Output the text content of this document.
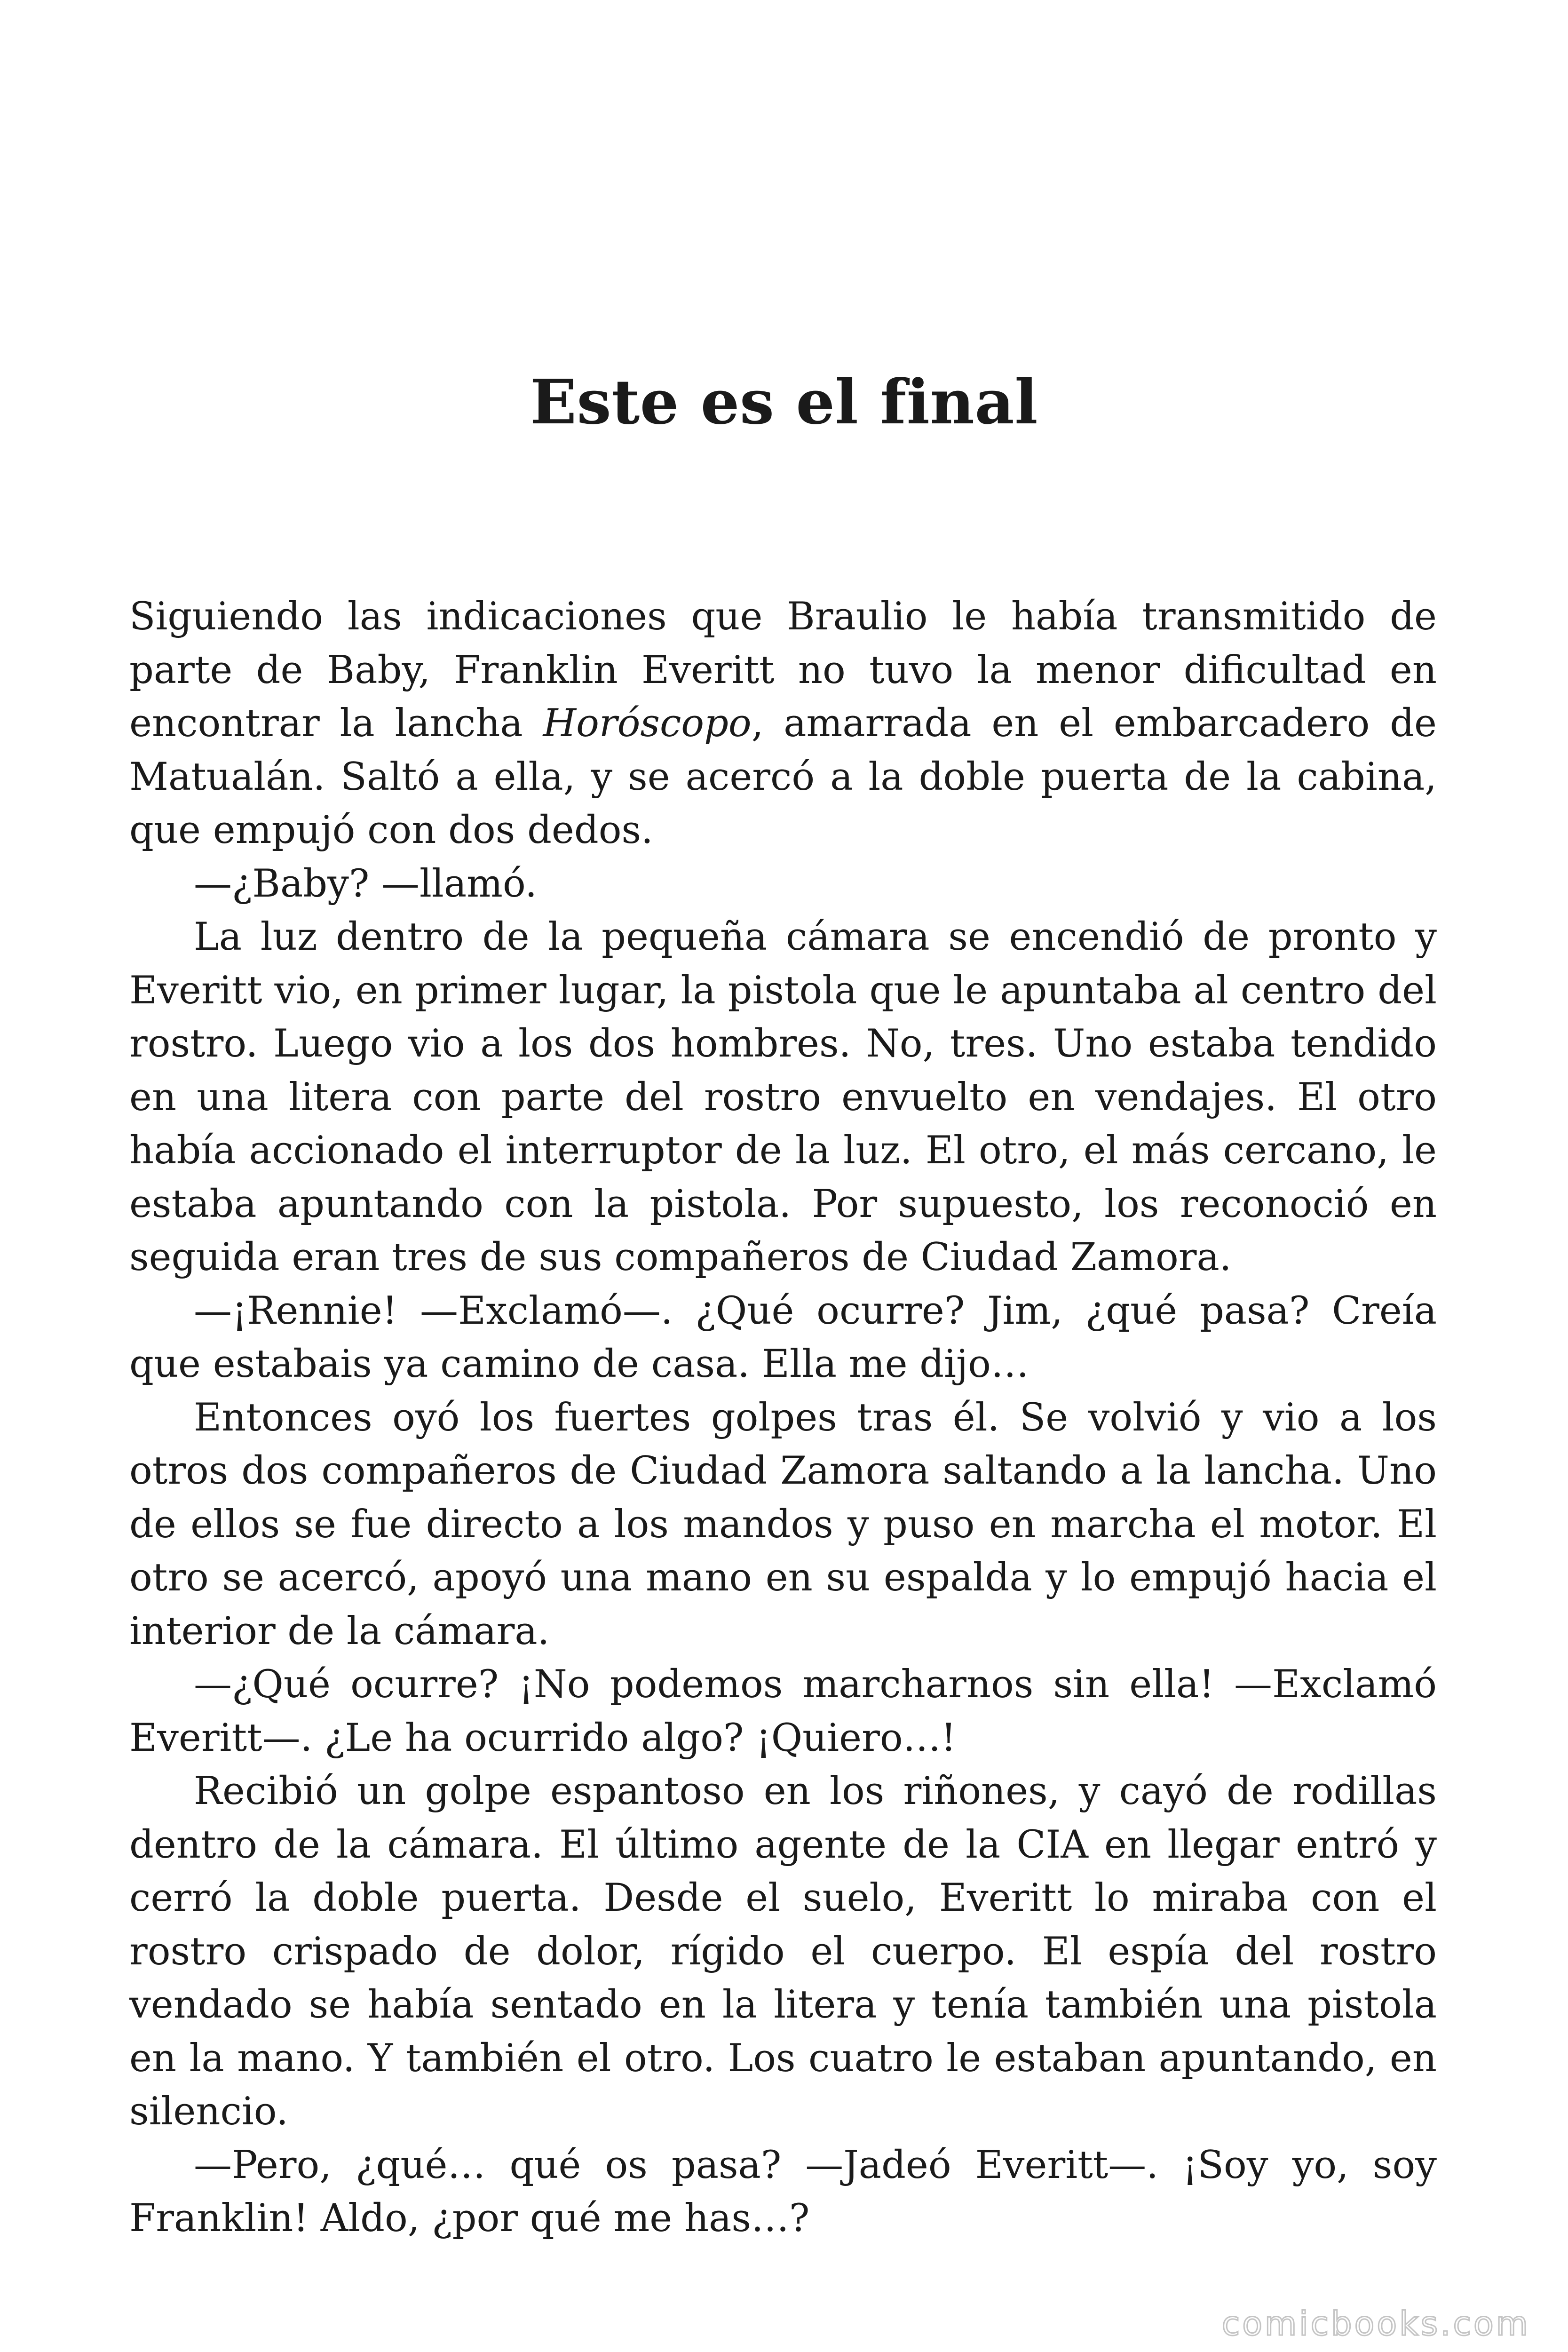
Este es el final

Siguiendo las indicaciones que Braulio le había transmitido de parte de Baby, Franklin Everitt no tuvo la menor dificultad en encontrar la lancha Horóscopo, amarrada en el embarcadero de Matualán. Saltó a ella, y se acercó a la doble puerta de la cabina, que empujó con dos dedos.

—¿Baby? —llamó.

La luz dentro de la pequeña cámara se encendió de pronto y Everitt vio, en primer lugar, la pistola que le apuntaba al centro del rostro. Luego vio a los dos hombres. No, tres. Uno estaba tendido en una litera con parte del rostro envuelto en vendajes. El otro había accionado el interruptor de la luz. El otro, el más cercano, le estaba apuntando con la pistola. Por supuesto, los reconoció en seguida eran tres de sus compañeros de Ciudad Zamora.

—¡Rennie! —Exclamó—. ¿Qué ocurre? Jim, ¿qué pasa? Creía que estabais ya camino de casa. Ella me dijo…

Entonces oyó los fuertes golpes tras él. Se volvió y vio a los otros dos compañeros de Ciudad Zamora saltando a la lancha. Uno de ellos se fue directo a los mandos y puso en marcha el motor. El otro se acercó, apoyó una mano en su espalda y lo empujó hacia el interior de la cámara.

—¿Qué ocurre? ¡No podemos marcharnos sin ella! —Exclamó Everitt—. ¿Le ha ocurrido algo? ¡Quiero…!

Recibió un golpe espantoso en los riñones, y cayó de rodillas dentro de la cámara. El último agente de la CIA en llegar entró y cerró la doble puerta. Desde el suelo, Everitt lo miraba con el rostro crispado de dolor, rígido el cuerpo. El espía del rostro vendado se había sentado en la litera y tenía también una pistola en la mano. Y también el otro. Los cuatro le estaban apuntando, en silencio.

—Pero, ¿qué… qué os pasa? —Jadeó Everitt—. ¡Soy yo, soy Franklin! Aldo, ¿por qué me has…?

comicbooks.com
